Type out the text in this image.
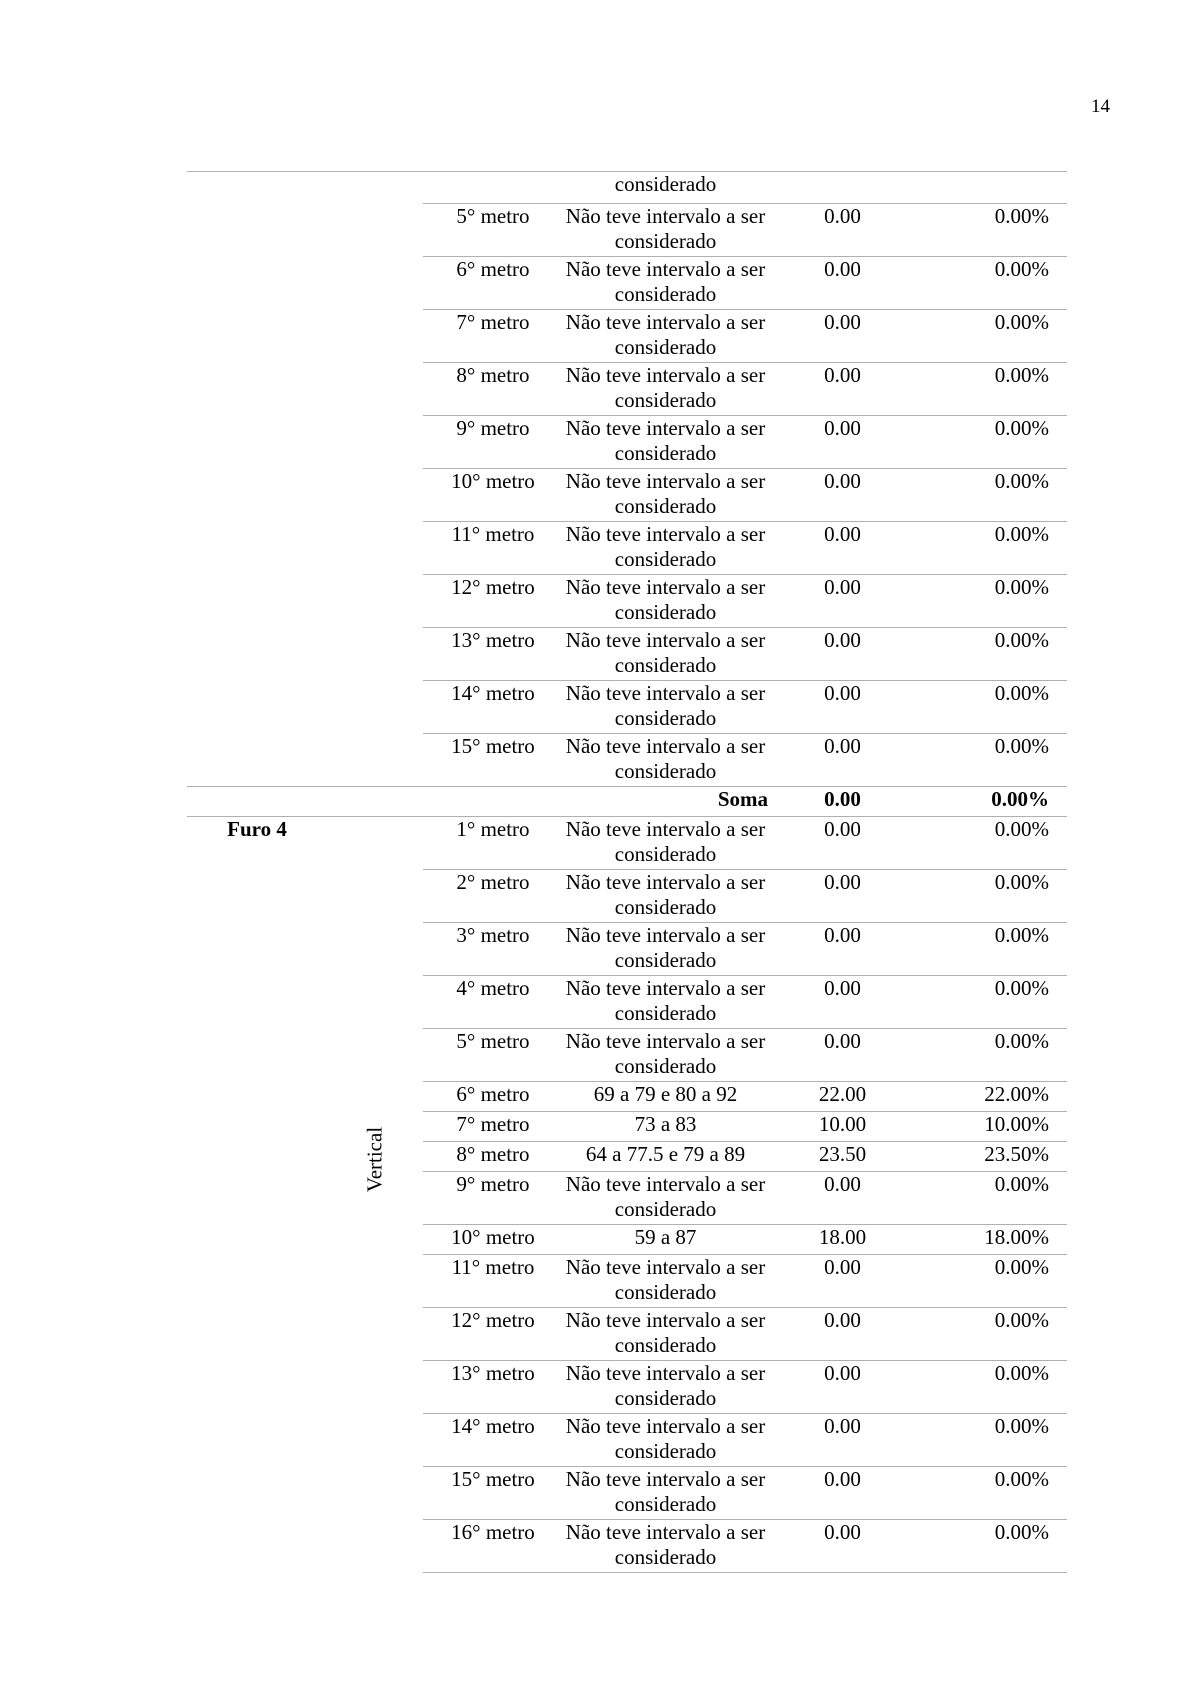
14
			considerado		
		5° metro	Não teve intervalo a ser considerado	0.00	0.00%
		6° metro	Não teve intervalo a ser considerado	0.00	0.00%
		7° metro	Não teve intervalo a ser considerado	0.00	0.00%
		8° metro	Não teve intervalo a ser considerado	0.00	0.00%
		9° metro	Não teve intervalo a ser considerado	0.00	0.00%
		10° metro	Não teve intervalo a ser considerado	0.00	0.00%
		11° metro	Não teve intervalo a ser considerado	0.00	0.00%
		12° metro	Não teve intervalo a ser considerado	0.00	0.00%
		13° metro	Não teve intervalo a ser considerado	0.00	0.00%
		14° metro	Não teve intervalo a ser considerado	0.00	0.00%
		15° metro	Não teve intervalo a ser considerado	0.00	0.00%
			Soma	0.00	0.00%
Furo 4	Vertical	1° metro	Não teve intervalo a ser considerado	0.00	0.00%
		2° metro	Não teve intervalo a ser considerado	0.00	0.00%
		3° metro	Não teve intervalo a ser considerado	0.00	0.00%
		4° metro	Não teve intervalo a ser considerado	0.00	0.00%
		5° metro	Não teve intervalo a ser considerado	0.00	0.00%
		6° metro	69 a 79 e 80 a 92	22.00	22.00%
		7° metro	73 a 83	10.00	10.00%
		8° metro	64 a 77.5 e 79 a 89	23.50	23.50%
		9° metro	Não teve intervalo a ser considerado	0.00	0.00%
		10° metro	59 a 87	18.00	18.00%
		11° metro	Não teve intervalo a ser considerado	0.00	0.00%
		12° metro	Não teve intervalo a ser considerado	0.00	0.00%
		13° metro	Não teve intervalo a ser considerado	0.00	0.00%
		14° metro	Não teve intervalo a ser considerado	0.00	0.00%
		15° metro	Não teve intervalo a ser considerado	0.00	0.00%
		16° metro	Não teve intervalo a ser considerado	0.00	0.00%
